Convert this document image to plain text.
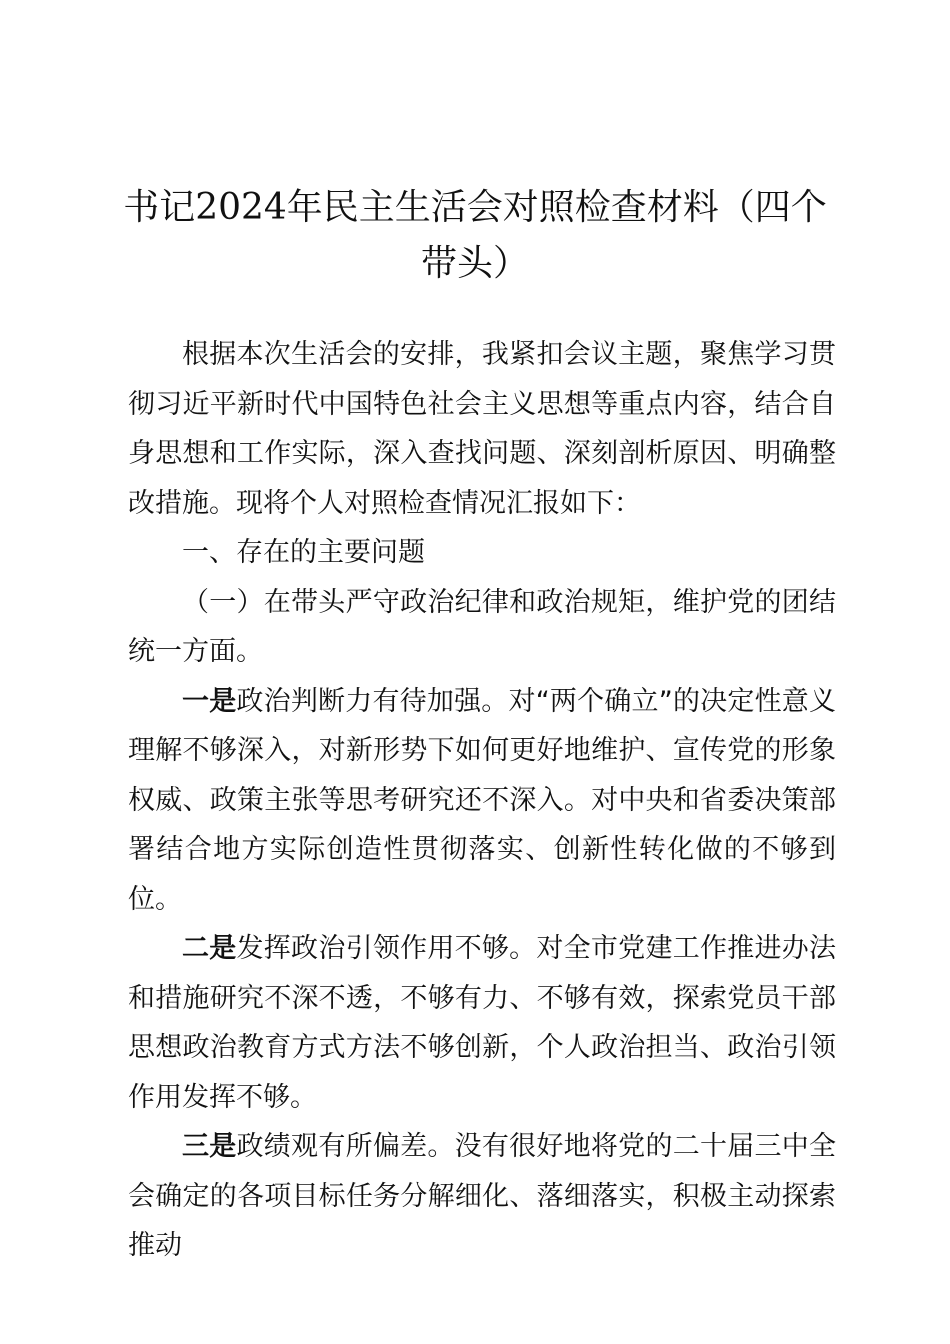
书记2024年民主生活会对照检查材料（四个带头）

根据本次生活会的安排，我紧扣会议主题，聚焦学习贯彻习近平新时代中国特色社会主义思想等重点内容，结合自身思想和工作实际，深入查找问题、深刻剖析原因、明确整改措施。现将个人对照检查情况汇报如下：

一、存在的主要问题

（一）在带头严守政治纪律和政治规矩，维护党的团结统一方面。

一是政治判断力有待加强。对“两个确立”的决定性意义理解不够深入，对新形势下如何更好地维护、宣传党的形象权威、政策主张等思考研究还不深入。对中央和省委决策部署结合地方实际创造性贯彻落实、创新性转化做的不够到位。

二是发挥政治引领作用不够。对全市党建工作推进办法和措施研究不深不透，不够有力、不够有效，探索党员干部思想政治教育方式方法不够创新，个人政治担当、政治引领作用发挥不够。

三是政绩观有所偏差。没有很好地将党的二十届三中全会确定的各项目标任务分解细化、落细落实，积极主动探索推动
